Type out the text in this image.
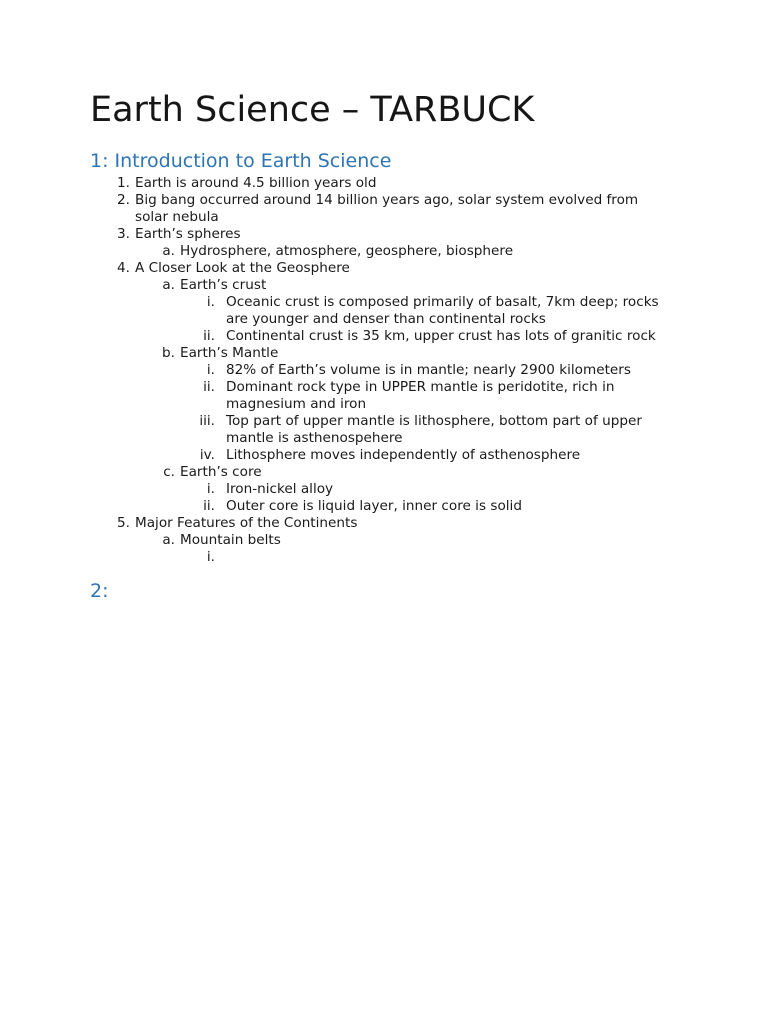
Earth Science – TARBUCK
1: Introduction to Earth Science
1. Earth is around 4.5 billion years old
2. Big bang occurred around 14 billion years ago, solar system evolved from solar nebula
3. Earth’s spheres
a. Hydrosphere, atmosphere, geosphere, biosphere
4. A Closer Look at the Geosphere
a. Earth’s crust
i. Oceanic crust is composed primarily of basalt, 7km deep; rocks are younger and denser than continental rocks
ii. Continental crust is 35 km, upper crust has lots of granitic rock
b. Earth’s Mantle
i. 82% of Earth’s volume is in mantle; nearly 2900 kilometers
ii. Dominant rock type in UPPER mantle is peridotite, rich in magnesium and iron
iii. Top part of upper mantle is lithosphere, bottom part of upper mantle is asthenospehere
iv. Lithosphere moves independently of asthenosphere
c. Earth’s core
i. Iron-nickel alloy
ii. Outer core is liquid layer, inner core is solid
5. Major Features of the Continents
a. Mountain belts
i.
2:
